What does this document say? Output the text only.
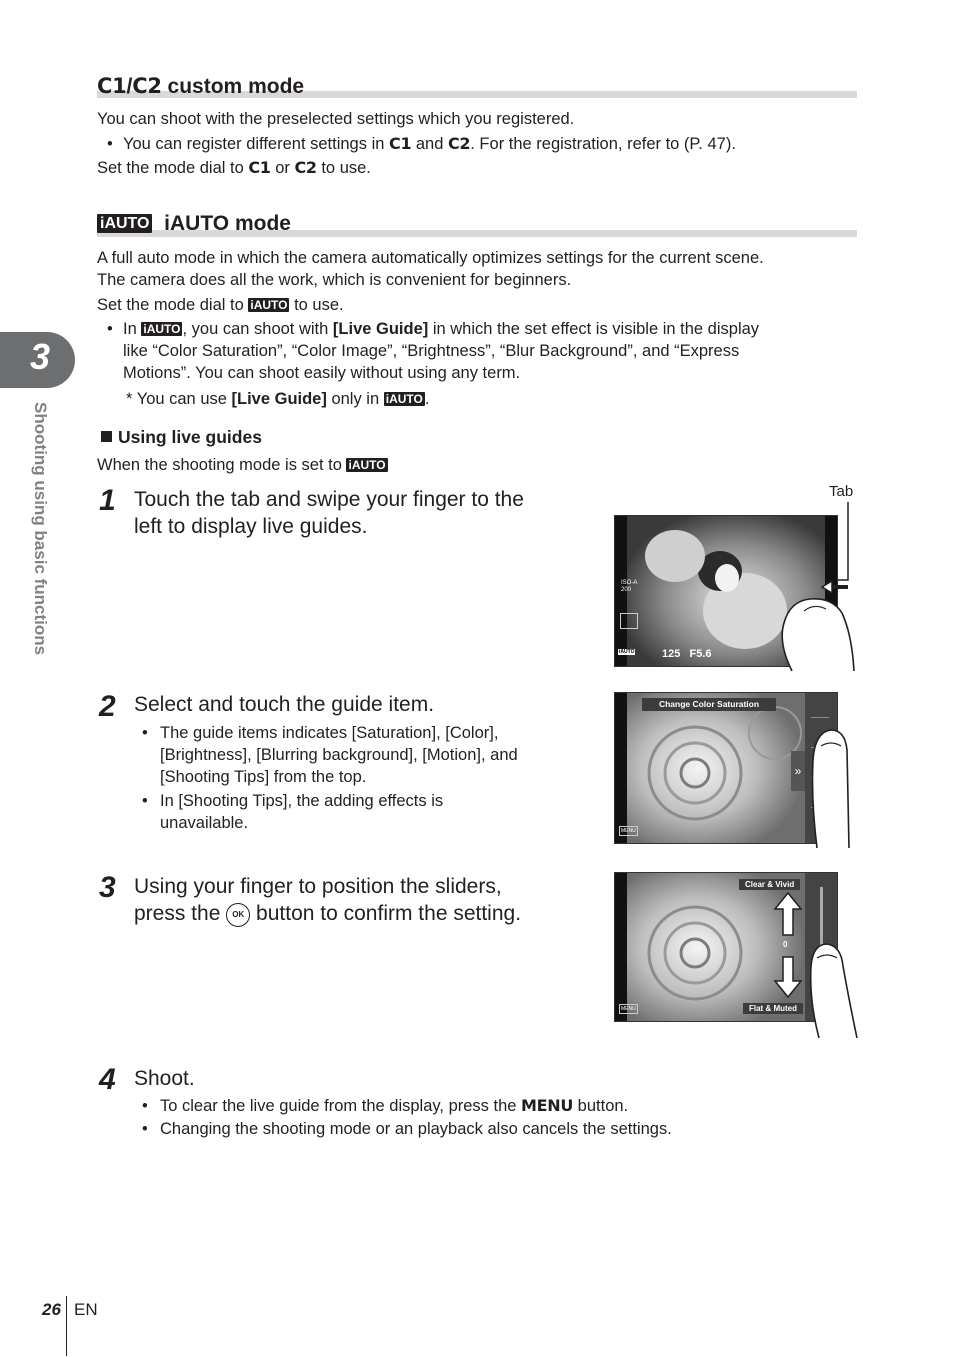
3
Shooting using basic functions
C1/C2 custom mode
You can shoot with the preselected settings which you registered.
• You can register different settings in C1 and C2. For the registration, refer to (P. 47).
Set the mode dial to C1 or C2 to use.
iAUTO iAUTO mode
A full auto mode in which the camera automatically optimizes settings for the current scene.
The camera does all the work, which is convenient for beginners.
Set the mode dial to iAUTO to use.
• In iAUTO , you can shoot with [Live Guide] in which the set effect is visible in the display
like “Color Saturation”, “Color Image”, “Brightness”, “Blur Background”, and “Express
Motions”. You can shoot easily without using any term.
* You can use [Live Guide] only in iAUTO .
Using live guides
When the shooting mode is set to iAUTO
1 Touch the tab and swipe your finger to the
left to display live guides.
2 Select and touch the guide item.
• The guide items indicates [Saturation], [Color],
[Brightness], [Blurring background], [Motion], and
[Shooting Tips] from the top.
• In [Shooting Tips], the adding effects is
unavailable.
3 Using your finger to position the sliders,
press the OK button to confirm the setting.
4 Shoot.
• To clear the live guide from the display, press the MENU button.
• Changing the shooting mode or an playback also cancels the settings.
Tab
ISO-A
200
iAUTO	125 F5.6

Change Color Saturation
MENU
»
Clear & Vivid
Flat & Muted
0
MENU
26 EN
